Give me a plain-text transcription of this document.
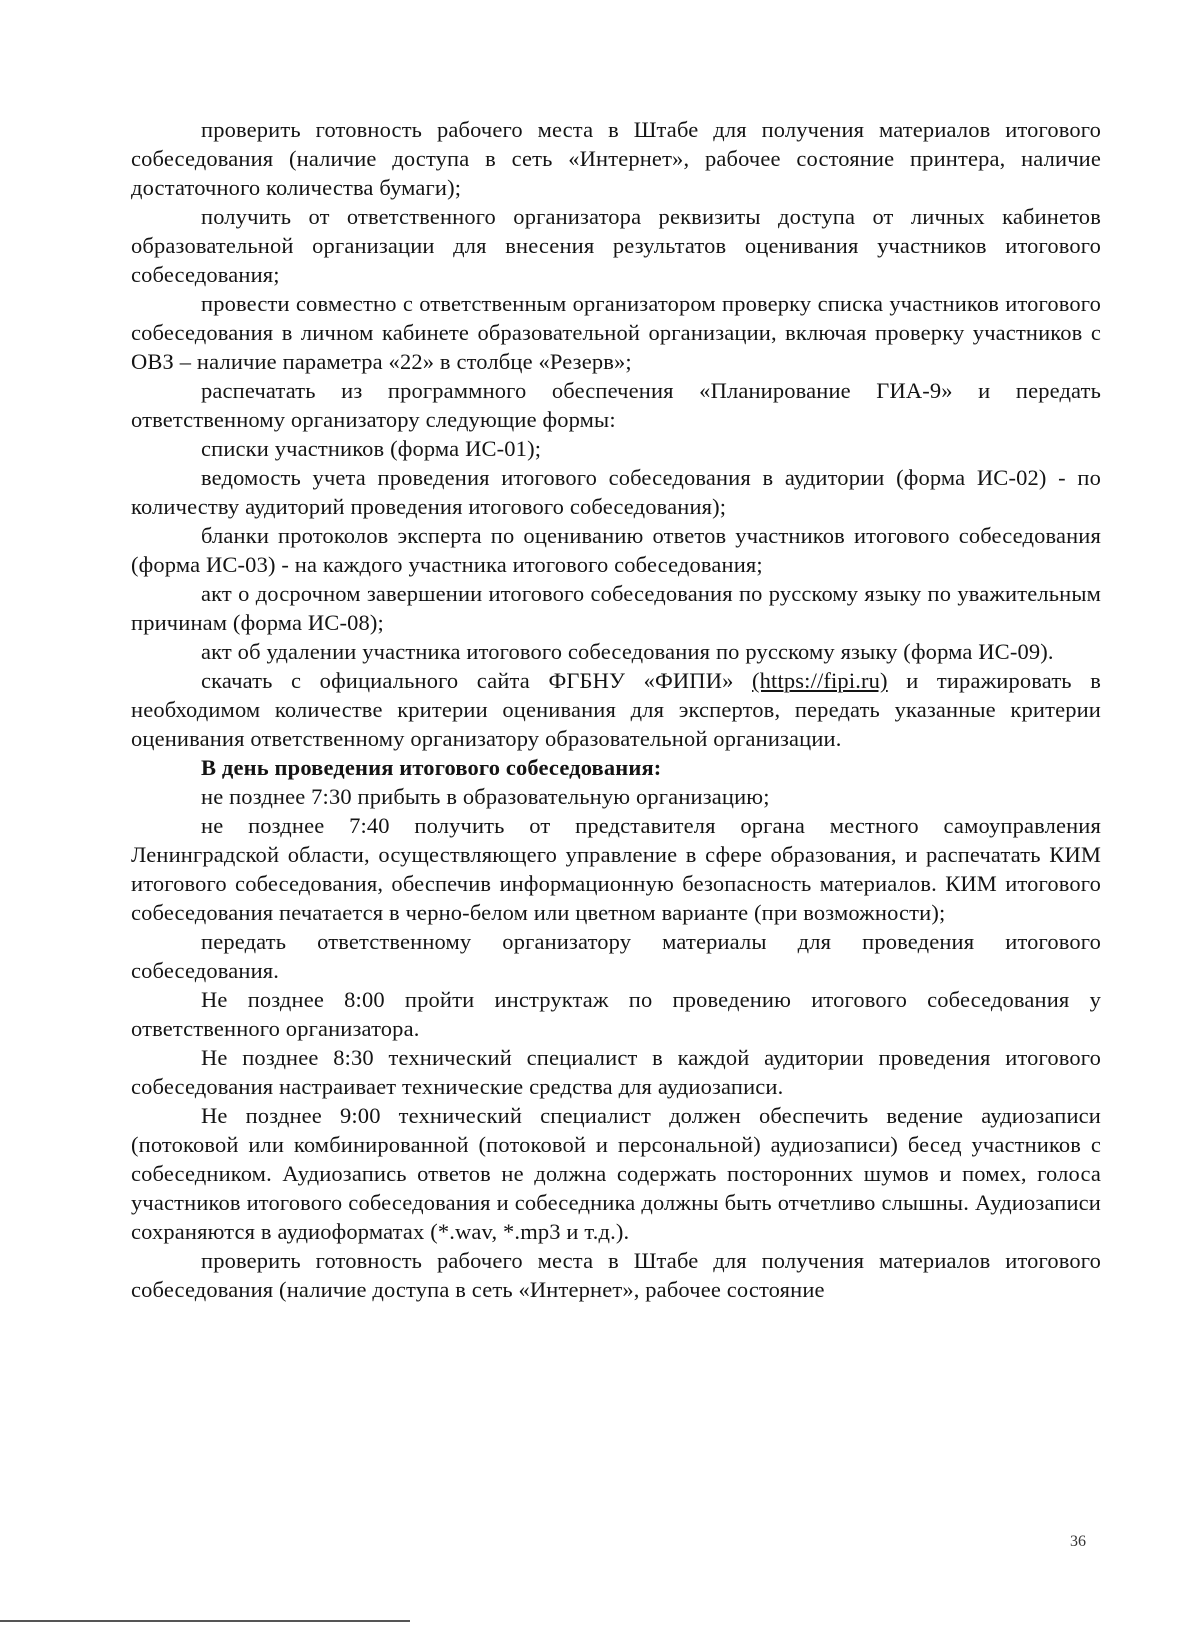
проверить готовность рабочего места в Штабе для получения материалов итогового собеседования (наличие доступа в сеть «Интернет», рабочее состояние принтера, наличие достаточного количества бумаги);

получить от ответственного организатора реквизиты доступа от личных кабинетов образовательной организации для внесения результатов оценивания участников итогового собеседования;

провести совместно с ответственным организатором проверку списка участников итогового собеседования в личном кабинете образовательной организации, включая проверку участников с ОВЗ – наличие параметра «22» в столбце «Резерв»;

распечатать из программного обеспечения «Планирование ГИА-9» и передать ответственному организатору следующие формы:

списки участников (форма ИС-01);

ведомость учета проведения итогового собеседования в аудитории (форма ИС-02) - по количеству аудиторий проведения итогового собеседования);

бланки протоколов эксперта по оцениванию ответов участников итогового собеседования (форма ИС-03) - на каждого участника итогового собеседования;

акт о досрочном завершении итогового собеседования по русскому языку по уважительным причинам (форма ИС-08);

акт об удалении участника итогового собеседования по русскому языку (форма ИС-09).

скачать с официального сайта ФГБНУ «ФИПИ» (https://fipi.ru) и тиражировать в необходимом количестве критерии оценивания для экспертов, передать указанные критерии оценивания ответственному организатору образовательной организации.

В день проведения итогового собеседования:

не позднее 7:30 прибыть в образовательную организацию;

не позднее 7:40 получить от представителя органа местного самоуправления Ленинградской области, осуществляющего управление в сфере образования, и распечатать КИМ итогового собеседования, обеспечив информационную безопасность материалов. КИМ итогового собеседования печатается в черно-белом или цветном варианте (при возможности);

передать ответственному организатору материалы для проведения итогового собеседования.

Не позднее 8:00 пройти инструктаж по проведению итогового собеседования у ответственного организатора.

Не позднее 8:30 технический специалист в каждой аудитории проведения итогового собеседования настраивает технические средства для аудиозаписи.

Не позднее 9:00 технический специалист должен обеспечить ведение аудиозаписи (потоковой или комбинированной (потоковой и персональной) аудиозаписи) бесед участников с собеседником. Аудиозапись ответов не должна содержать посторонних шумов и помех, голоса участников итогового собеседования и собеседника должны быть отчетливо слышны. Аудиозаписи сохраняются в аудиоформатах (*.wav, *.mp3 и т.д.).

проверить готовность рабочего места в Штабе для получения материалов итогового собеседования (наличие доступа в сеть «Интернет», рабочее состояние

36
